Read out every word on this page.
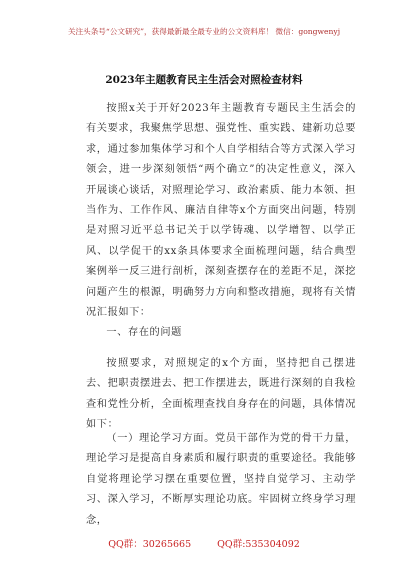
关注头条号“公文研究”，获得最新最全最专业的公文资料库！ 微信：gongwenyj
2023年主题教育民主生活会对照检查材料

按照x关于开好2023年主题教育专题民主生活会的有关要求，我聚焦学思想、强党性、重实践、建新功总要求，通过参加集体学习和个人自学相结合等方式深入学习领会，进一步深刻领悟“两个确立”的决定性意义，深入开展谈心谈话，对照理论学习、政治素质、能力本领、担当作为、工作作风、廉洁自律等x个方面突出问题，特别是对照习近平总书记关于以学铸魂、以学增智、以学正风、以学促干的xx条具体要求全面梳理问题，结合典型案例举一反三进行剖析，深刻查摆存在的差距不足，深挖问题产生的根源，明确努力方向和整改措施，现将有关情况汇报如下：

一、存在的问题

按照要求，对照规定的x个方面，坚持把自己摆进去、把职责摆进去、把工作摆进去，既进行深刻的自我检查和党性分析，全面梳理查找自身存在的问题，具体情况如下：

（一）理论学习方面。党员干部作为党的骨干力量，理论学习是提高自身素质和履行职责的重要途径。我能够自觉将理论学习摆在重要位置，坚持自觉学习、主动学习、深入学习，不断厚实理论功底。牢固树立终身学习理念，

QQ群：30265665	QQ群:535304092
